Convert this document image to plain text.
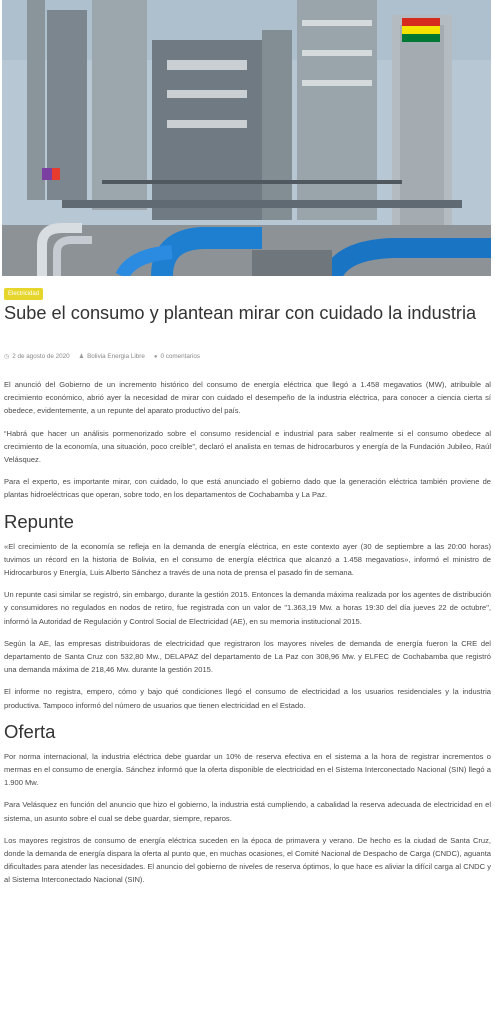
Electricidad
Sube el consumo y plantean mirar con cuidado la industria
◷ 2 de agosto de 2020 ♟ Bolivia Energia Libre ● 0 comentarios

El anunció del Gobierno de un incremento histórico del consumo de energía eléctrica que llegó a 1.458 megavatios (MW), atribuible al crecimiento económico, abrió ayer la necesidad de mirar con cuidado el desempeño de la industria eléctrica, para conocer a ciencia cierta sí obedece, evidentemente, a un repunte del aparato productivo del país.

“Habrá que hacer un análisis pormenorizado sobre el consumo residencial e industrial para saber realmente si el consumo obedece al crecimiento de la economía, una situación, poco creíble”, declaró el analista en temas de hidrocarburos y energía de la Fundación Jubileo, Raúl Velásquez.

Para el experto, es importante mirar, con cuidado, lo que está anunciado el gobierno dado que la generación eléctrica también proviene de plantas hidroeléctricas que operan, sobre todo, en los departamentos de Cochabamba y La Paz.

Repunte

«El crecimiento de la economía se refleja en la demanda de energía eléctrica, en este contexto ayer (30 de septiembre a las 20:00 horas) tuvimos un récord en la historia de Bolivia, en el consumo de energía eléctrica que alcanzó a 1.458 megavatios», informó el ministro de Hidrocarburos y Energía, Luis Alberto Sánchez a través de una nota de prensa el pasado fin de semana.

Un repunte casi similar se registró, sin embargo, durante la gestión 2015. Entonces la demanda máxima realizada por los agentes de distribución y consumidores no regulados en nodos de retiro, fue registrada con un valor de "1.363,19 Mw. a horas 19:30 del día jueves 22 de octubre", informó la Autoridad de Regulación y Control Social de Electricidad (AE), en su memoria institucional 2015.

Según la AE, las empresas distribuidoras de electricidad que registraron los mayores niveles de demanda de energía fueron la CRE del departamento de Santa Cruz con 532,80 Mw., DELAPAZ del departamento de La Paz con 308,96 Mw. y ELFEC de Cochabamba que registró una demanda máxima de 218,46 Mw. durante la gestión 2015.

El informe no registra, empero, cómo y bajo qué condiciones llegó el consumo de electricidad a los usuarios residenciales y la industria productiva. Tampoco informó del número de usuarios que tienen electricidad en el Estado.

Oferta

Por norma internacional, la industria eléctrica debe guardar un 10% de reserva efectiva en el sistema a la hora de registrar incrementos o mermas en el consumo de energía. Sánchez informó que la oferta disponible de electricidad en el Sistema Interconectado Nacional (SIN) llegó a 1.900 Mw.

Para Velásquez en función del anuncio que hizo el gobierno, la industria está cumpliendo, a cabalidad la reserva adecuada de electricidad en el sistema, un asunto sobre el cual se debe guardar, siempre, reparos.

Los mayores registros de consumo de energía eléctrica suceden en la época de primavera y verano. De hecho es la ciudad de Santa Cruz, donde la demanda de energía dispara la oferta al punto que, en muchas ocasiones, el Comité Nacional de Despacho de Carga (CNDC), aguanta dificultades para atender las necesidades. El anuncio del gobierno de niveles de reserva óptimos, lo que hace es aliviar la difícil carga al CNDC y al Sistema Interconectado Nacional (SIN).
